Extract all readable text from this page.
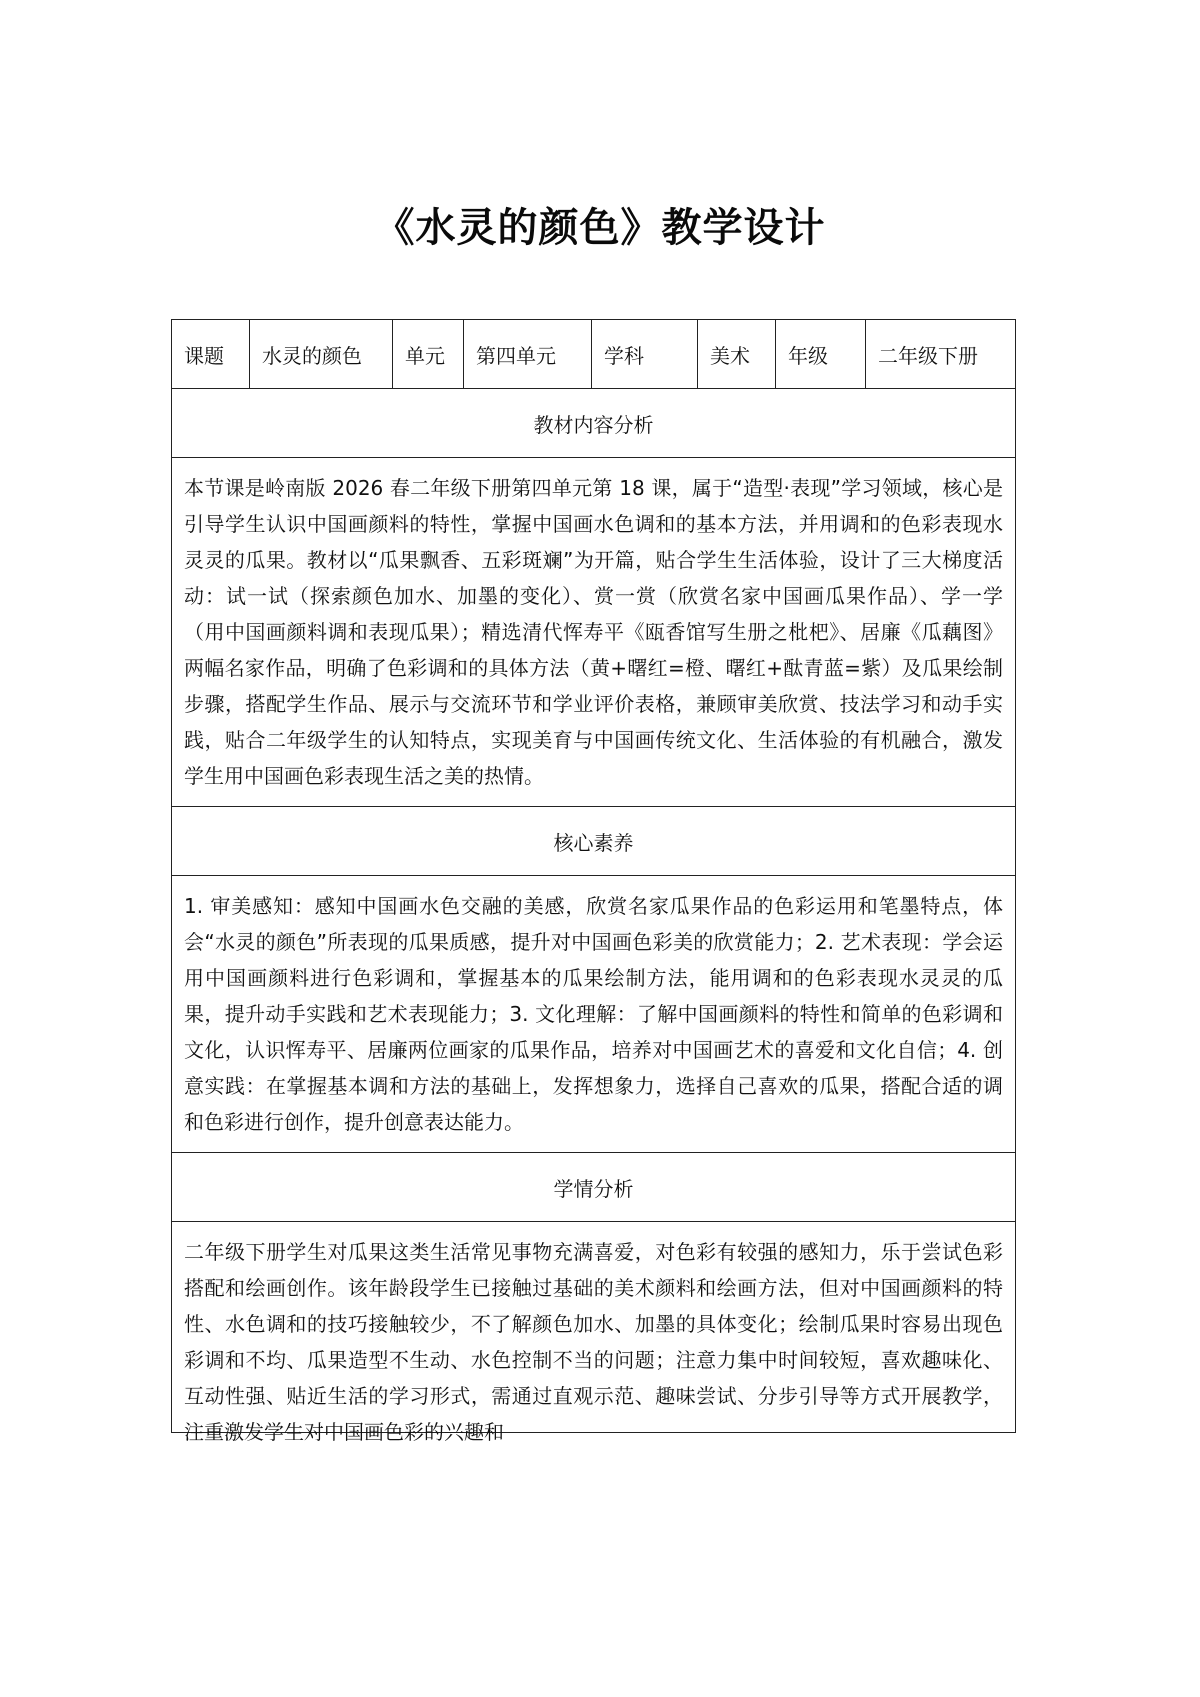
《水灵的颜色》教学设计
课题	水灵的颜色	单元	第四单元	学科	美术	年级	二年级下册
教材内容分析
本节课是岭南版 2026 春二年级下册第四单元第 18 课，属于“造型·表现”学习领域，核心是引导学生认识中国画颜料的特性，掌握中国画水色调和的基本方法，并用调和的色彩表现水灵灵的瓜果。教材以“瓜果飘香、五彩斑斓”为开篇，贴合学生生活体验，设计了三大梯度活动：试一试（探索颜色加水、加墨的变化）、赏一赏（欣赏名家中国画瓜果作品）、学一学（用中国画颜料调和表现瓜果）；精选清代恽寿平《瓯香馆写生册之枇杷》、居廉《瓜藕图》两幅名家作品，明确了色彩调和的具体方法（黄+曙红=橙、曙红+酞青蓝=紫）及瓜果绘制步骤，搭配学生作品、展示与交流环节和学业评价表格，兼顾审美欣赏、技法学习和动手实践，贴合二年级学生的认知特点，实现美育与中国画传统文化、生活体验的有机融合，激发学生用中国画色彩表现生活之美的热情。
核心素养
1. 审美感知：感知中国画水色交融的美感，欣赏名家瓜果作品的色彩运用和笔墨特点，体会“水灵的颜色”所表现的瓜果质感，提升对中国画色彩美的欣赏能力；2. 艺术表现：学会运用中国画颜料进行色彩调和，掌握基本的瓜果绘制方法，能用调和的色彩表现水灵灵的瓜果，提升动手实践和艺术表现能力；3. 文化理解：了解中国画颜料的特性和简单的色彩调和文化，认识恽寿平、居廉两位画家的瓜果作品，培养对中国画艺术的喜爱和文化自信；4. 创意实践：在掌握基本调和方法的基础上，发挥想象力，选择自己喜欢的瓜果，搭配合适的调和色彩进行创作，提升创意表达能力。
学情分析

二年级下册学生对瓜果这类生活常见事物充满喜爱，对色彩有较强的感知力，乐于尝试色彩搭配和绘画创作。该年龄段学生已接触过基础的美术颜料和绘画方法，但对中国画颜料的特性、水色调和的技巧接触较少，不了解颜色加水、加墨的具体变化；绘制瓜果时容易出现色彩调和不均、瓜果造型不生动、水色控制不当的问题；注意力集中时间较短，喜欢趣味化、互动性强、贴近生活的学习形式，需通过直观示范、趣味尝试、分步引导等方式开展教学，注重激发学生对中国画色彩的兴趣和
